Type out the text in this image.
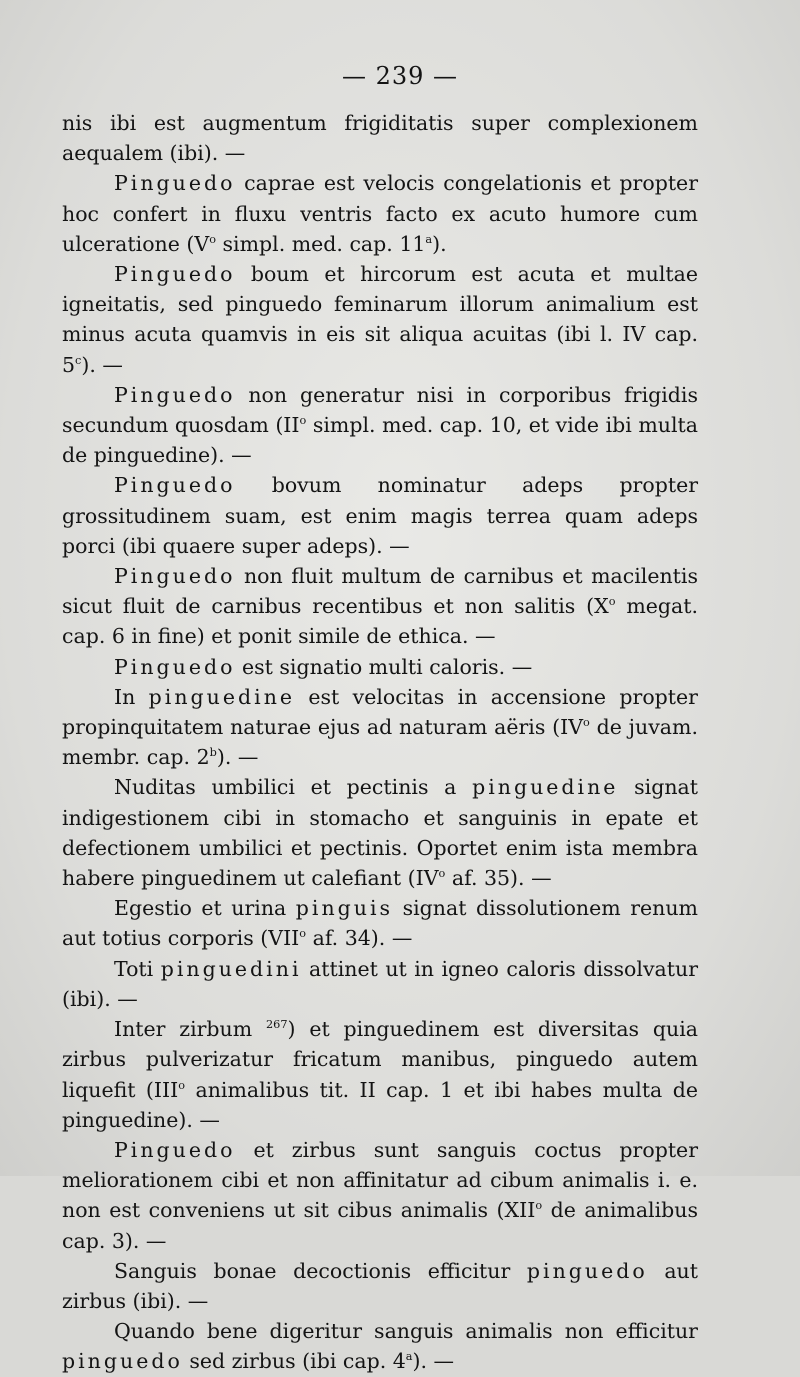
— 239 —

nis ibi est augmentum frigiditatis super complexionem aequalem (ibi). —

Pinguedo caprae est velocis congelationis et propter hoc confert in fluxu ventris facto ex acuto humore cum ulceratione ($V^o$ simpl. med. cap. 11$^a$).

Pinguedo boum et hircorum est acuta et multae igneitatis, sed pinguedo feminarum illorum animalium est minus acuta quamvis in eis sit aliqua acuitas (ibi l. IV cap. 5$^c$). —

Pinguedo non generatur nisi in corporibus frigidis secundum quosdam ($II^o$ simpl. med. cap. 10, et vide ibi multa de pinguedine). —

Pinguedo bovum nominatur adeps propter grossitudinem suam, est enim magis terrea quam adeps porci (ibi quaere super adeps). —

Pinguedo non fluit multum de carnibus et macilentis sicut fluit de carnibus recentibus et non salitis ($X^o$ megat. cap. 6 in fine) et ponit simile de ethica. —

Pinguedo est signatio multi caloris. —

In pinguedine est velocitas in accensione propter propinquitatem naturae ejus ad naturam aëris ($IV^o$ de juvam. membr. cap. 2$^b$). —

Nuditas umbilici et pectinis a pinguedine signat indigestionem cibi in stomacho et sanguinis in epate et defectionem umbilici et pectinis. Oportet enim ista membra habere pinguedinem ut calefiant ($IV^o$ af. 35). —

Egestio et urina pinguis signat dissolutionem renum aut totius corporis (VII$^o$ af. 34). —

Toti pinguedini attinet ut in igneo caloris dissolvatur (ibi). —

Inter zirbum $^{267}$) et pinguedinem est diversitas quia zirbus pulverizatur fricatum manibus, pinguedo autem liquefit (III$^o$ animalibus tit. II cap. 1 et ibi habes multa de pinguedine). —

Pinguedo et zirbus sunt sanguis coctus propter meliorationem cibi et non affinitatur ad cibum animalis i. e. non est conveniens ut sit cibus animalis (XII$^o$ de animalibus cap. 3). —

Sanguis bonae decoctionis efficitur pinguedo aut zirbus (ibi). —

Quando bene digeritur sanguis animalis non efficitur pinguedo sed zirbus (ibi cap. 4$^a$). —
